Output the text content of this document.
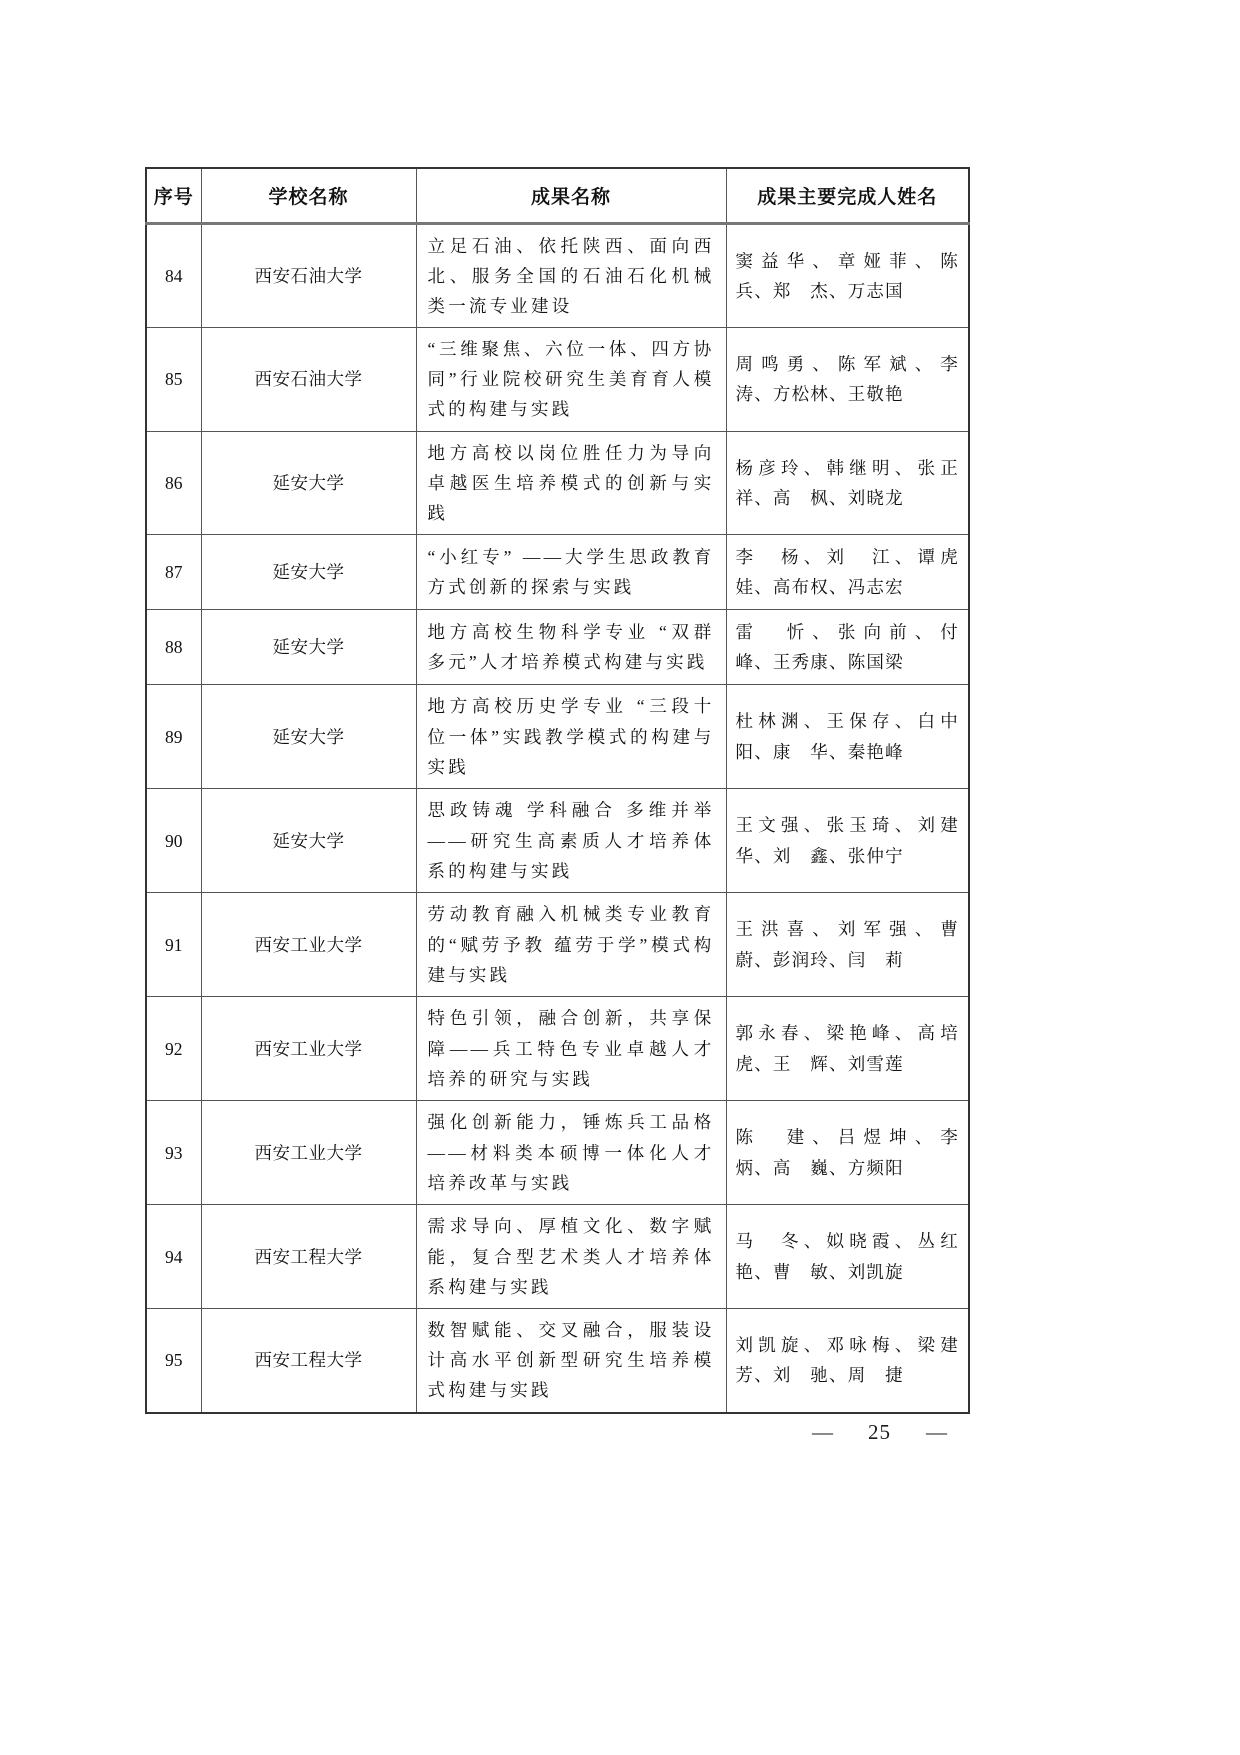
序号	学校名称	成果名称	成果主要完成人姓名
84	西安石油大学	立足石油、依托陕西、面向西北、服务全国的石油石化机械类一流专业建设	窦益华、章娅菲、陈　兵、郑　杰、万志国
85	西安石油大学	“三维聚焦、六位一体、四方协同”行业院校研究生美育育人模式的构建与实践	周鸣勇、陈军斌、李　涛、方松林、王敬艳
86	延安大学	地方高校以岗位胜任力为导向卓越医生培养模式的创新与实践	杨彦玲、韩继明、张正祥、高　枫、刘晓龙
87	延安大学	“小红专” ——大学生思政教育方式创新的探索与实践	李　杨、刘　江、谭虎娃、高布权、冯志宏
88	延安大学	地方高校生物科学专业 “双群多元”人才培养模式构建与实践	雷　忻、张向前、付　峰、王秀康、陈国梁
89	延安大学	地方高校历史学专业 “三段十位一体”实践教学模式的构建与实践	杜林渊、王保存、白中阳、康　华、秦艳峰
90	延安大学	思政铸魂 学科融合 多维并举——研究生高素质人才培养体系的构建与实践	王文强、张玉琦、刘建华、刘　鑫、张仲宁
91	西安工业大学	劳动教育融入机械类专业教育的“赋劳予教 蕴劳于学”模式构建与实践	王洪喜、刘军强、曹　蔚、彭润玲、闫　莉
92	西安工业大学	特色引领，融合创新，共享保障——兵工特色专业卓越人才培养的研究与实践	郭永春、梁艳峰、高培虎、王　辉、刘雪莲
93	西安工业大学	强化创新能力，锤炼兵工品格——材料类本硕博一体化人才培养改革与实践	陈　建、吕煜坤、李　炳、高　巍、方频阳
94	西安工程大学	需求导向、厚植文化、数字赋能，复合型艺术类人才培养体系构建与实践	马　冬、姒晓霞、丛红艳、曹　敏、刘凯旋
95	西安工程大学	数智赋能、交叉融合，服装设计高水平创新型研究生培养模式构建与实践	刘凯旋、邓咏梅、梁建芳、刘　驰、周　捷
— 25 —
